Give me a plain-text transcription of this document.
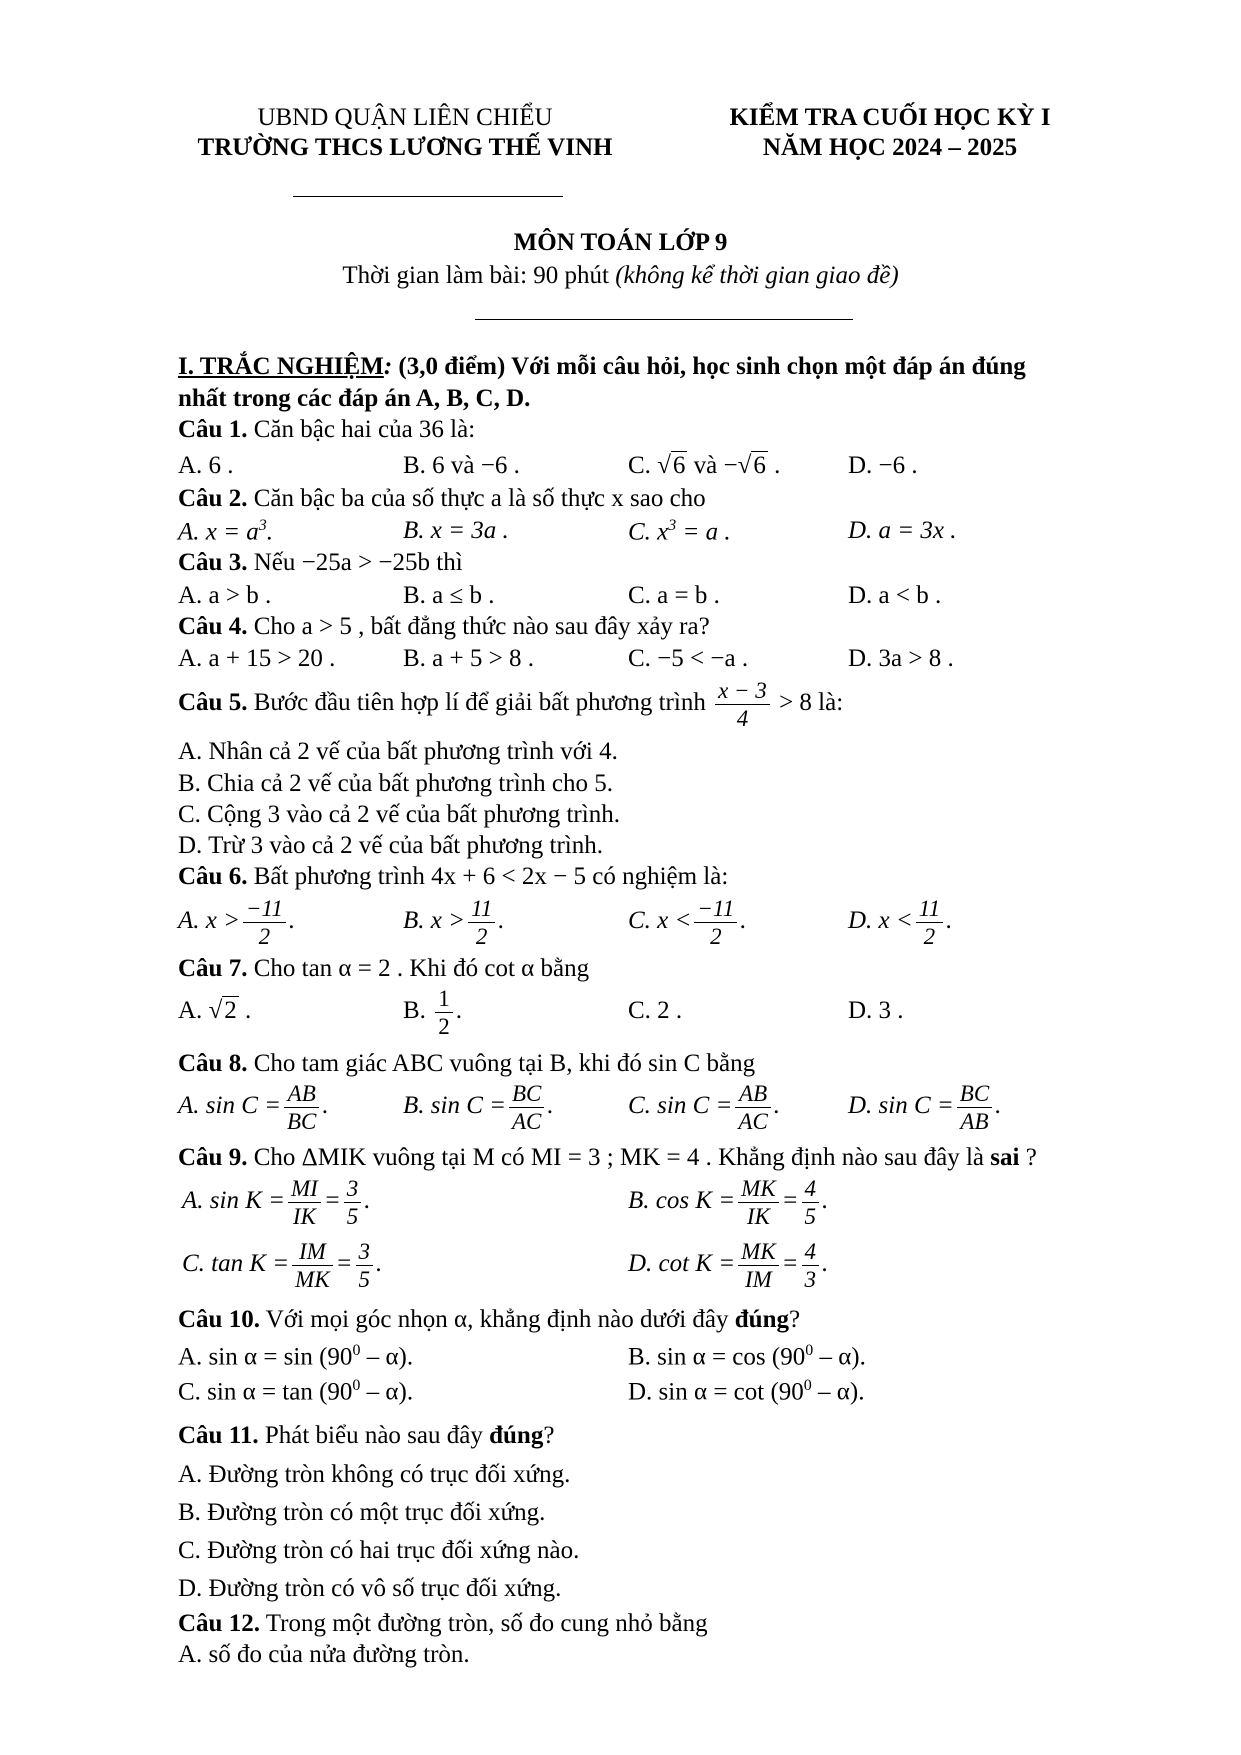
UBND QUẬN LIÊN CHIỂU
TRƯỜNG THCS LƯƠNG THẾ VINH
KIỂM TRA CUỐI HỌC KỲ I
NĂM HỌC 2024 – 2025
MÔN TOÁN LỚP 9
Thời gian làm bài: 90 phút (không kể thời gian giao đề)
I. TRẮC NGHIỆM: (3,0 điểm) Với mỗi câu hỏi, học sinh chọn một đáp án đúng
nhất trong các đáp án A, B, C, D.
Câu 1. Căn bậc hai của 36 là:
A. 6 .	B. 6 và −6 .	C. √6 và −√6 .	D. −6 .
Câu 2. Căn bậc ba của số thực a là số thực x sao cho
A. $x = a^3$.	B. x = 3a .	C. $x^3 = a$ .	D. a = 3x .
Câu 3. Nếu −25a > −25b thì
A. a > b .	B. a ≤ b .	C. a = b .	D. a < b .
Câu 4. Cho a > 5 , bất đẳng thức nào sau đây xảy ra?
A. a + 15 > 20 .	B. a + 5 > 8 .	C. −5 < −a .	D. 3a > 8 .
Câu 5. Bước đầu tiên hợp lí để giải bất phương trình $\frac{x - 3}{4} > 8$ là:
A. Nhân cả 2 vế của bất phương trình với 4.
B. Chia cả 2 vế của bất phương trình cho 5.
C. Cộng 3 vào cả 2 vế của bất phương trình.
D. Trừ 3 vào cả 2 vế của bất phương trình.
Câu 6. Bất phương trình 4x + 6 < 2x − 5 có nghiệm là:
A. $x > \frac{-11}{2}$ .	B. $x > \frac{11}{2}$ .	C. $x < \frac{-11}{2}$ .	D. $x < \frac{11}{2}$ .
Câu 7. Cho tan α = 2 . Khi đó cot α bằng
A. √2 .	B. $\frac{1}{2}$ .	C. 2 .	D. 3 .
Câu 8. Cho tam giác ABC vuông tại B, khi đó sin C bằng
A. $\sin C = \frac{AB}{BC}$ .	B. $\sin C = \frac{BC}{AC}$ .	C. $\sin C = \frac{AB}{AC}$ .	D. $\sin C = \frac{BC}{AB}$ .
Câu 9. Cho ΔMIK vuông tại M có MI = 3 ; MK = 4 . Khẳng định nào sau đây là sai ?
A. $\sin K = \frac{MI}{IK} = \frac{3}{5}$ .	B. $\cos K = \frac{MK}{IK} = \frac{4}{5}$ .
C. $\tan K = \frac{IM}{MK} = \frac{3}{5}$ .	D. $\cot K = \frac{MK}{IM} = \frac{4}{3}$ .
Câu 10. Với mọi góc nhọn α, khẳng định nào dưới đây đúng?
A. $\sin \alpha = \sin (90^0 - \alpha)$.	B. $\sin \alpha = \cos (90^0 - \alpha)$.
C. $\sin \alpha = \tan (90^0 - \alpha)$.	D. $\sin \alpha = \cot (90^0 - \alpha)$.
Câu 11. Phát biểu nào sau đây đúng?
A. Đường tròn không có trục đối xứng.
B. Đường tròn có một trục đối xứng.
C. Đường tròn có hai trục đối xứng nào.
D. Đường tròn có vô số trục đối xứng.
Câu 12. Trong một đường tròn, số đo cung nhỏ bằng
A. số đo của nửa đường tròn.
